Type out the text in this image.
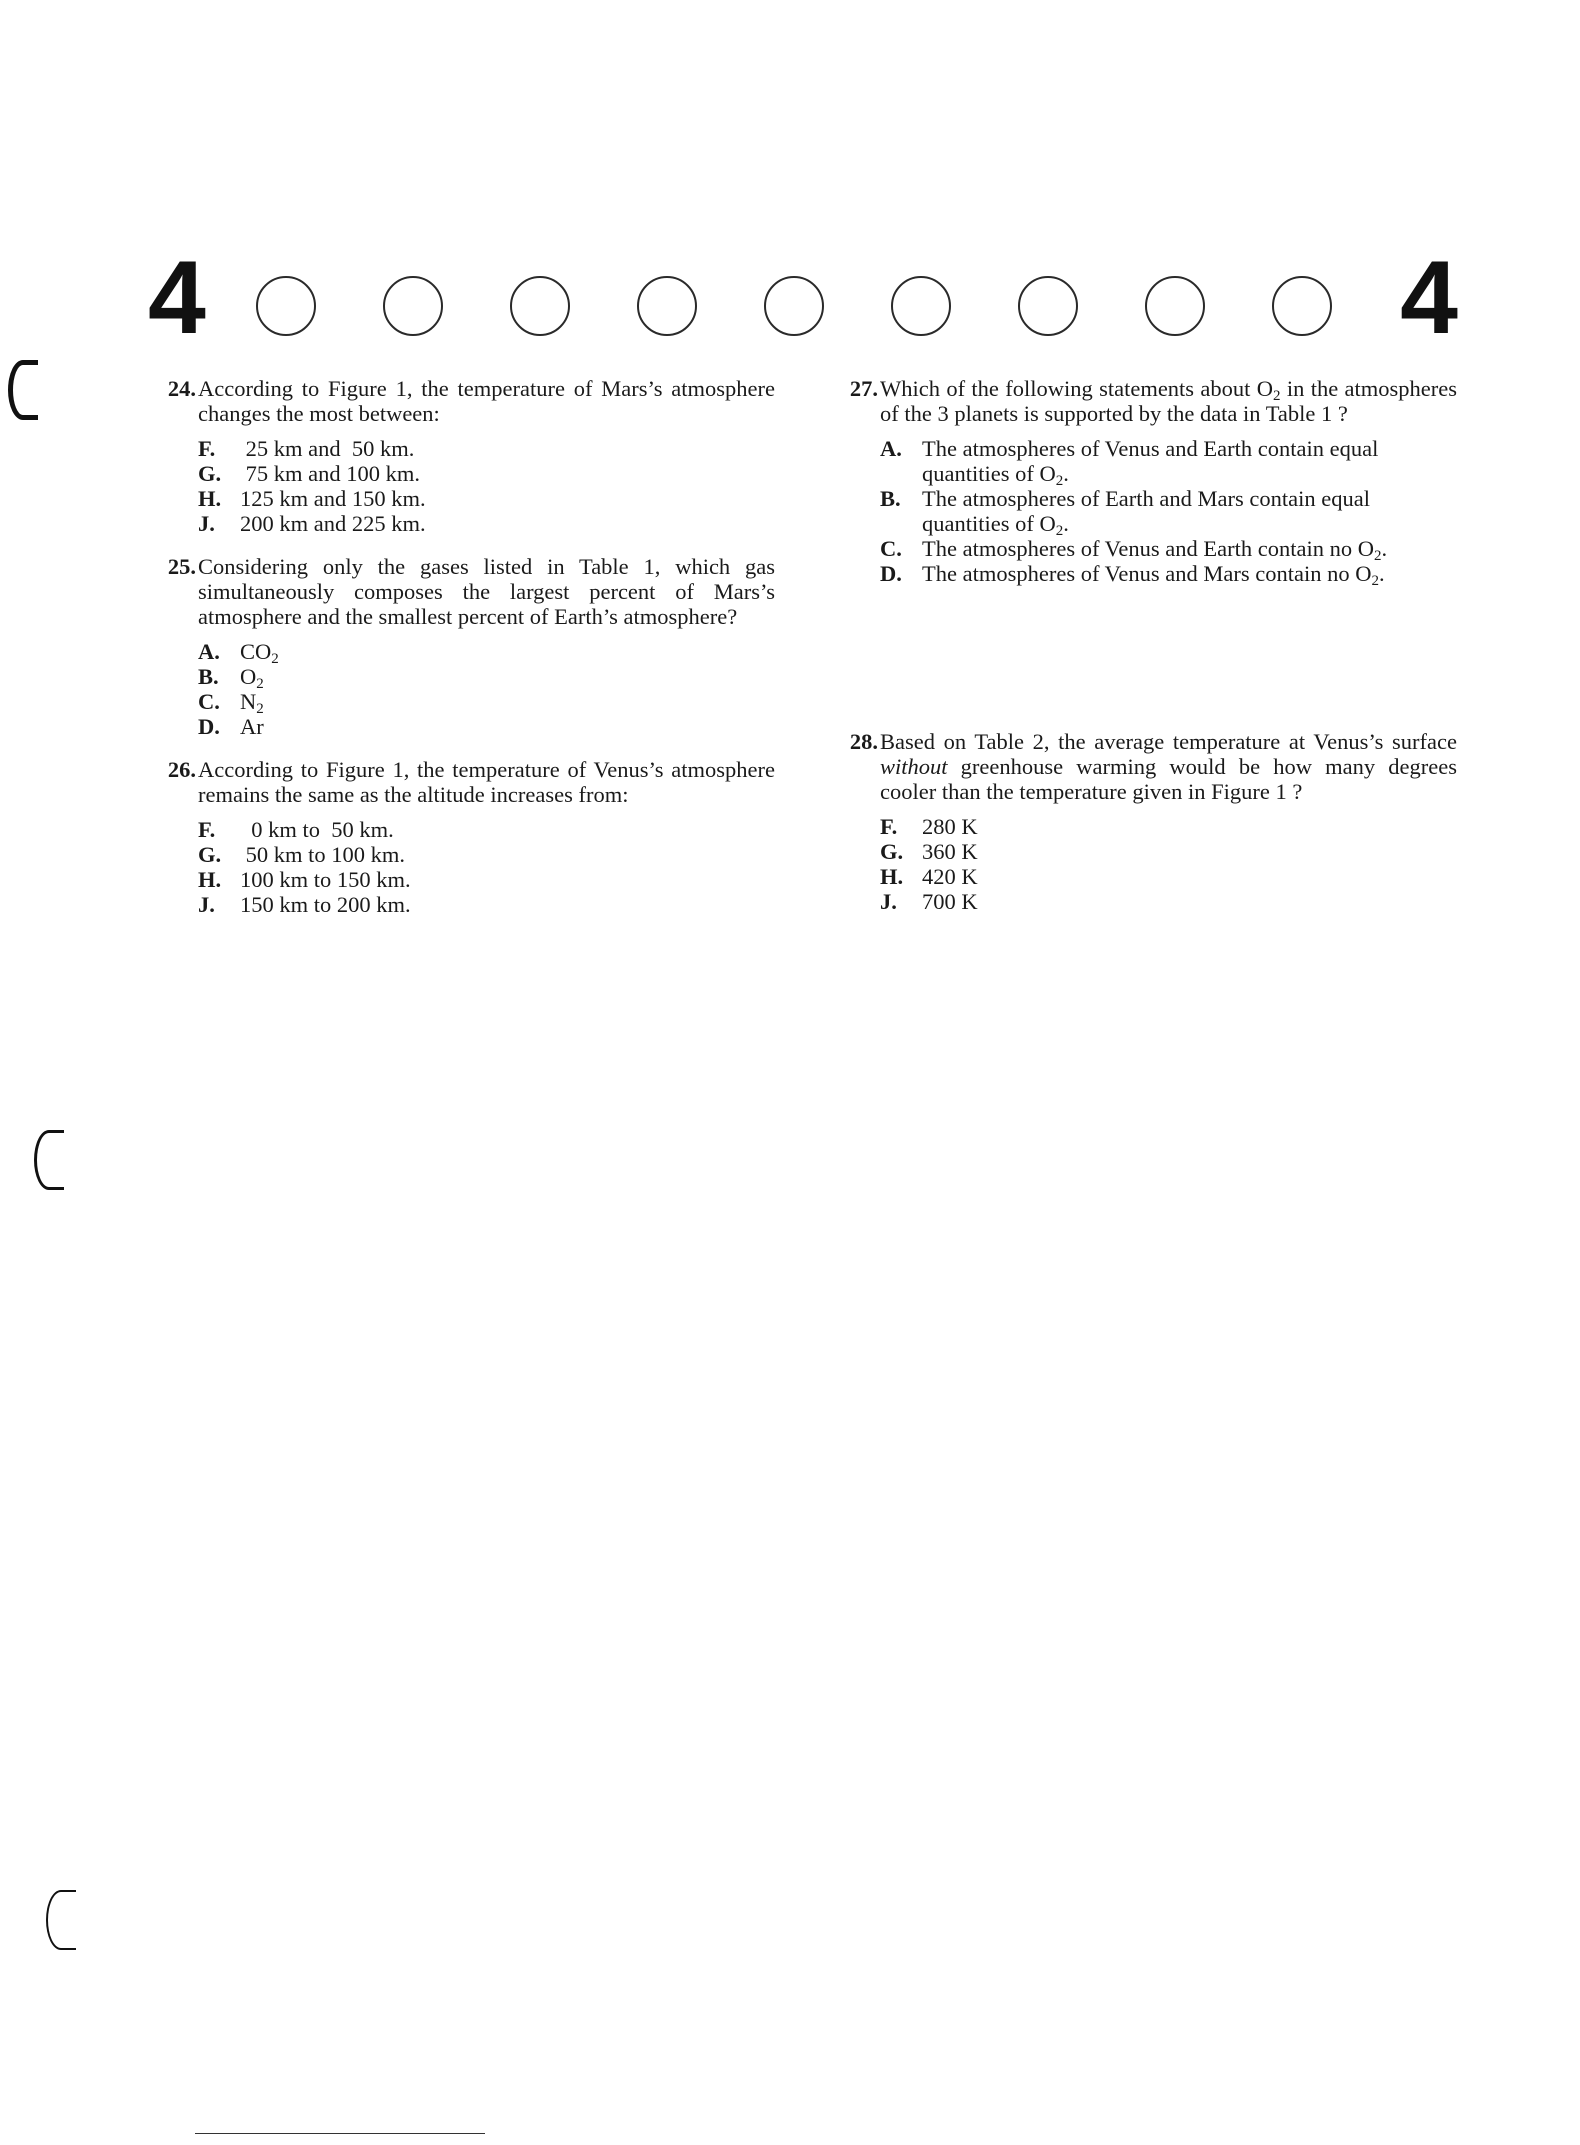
4	4
24. According to Figure 1, the temperature of Mars’s atmosphere changes the most between:
F.	25 km and  50 km.
G. 75 km and 100 km.
H. 125 km and 150 km.
J.	200 km and 225 km.
25. Considering only the gases listed in Table 1, which gas simultaneously composes the largest percent of Mars’s atmosphere and the smallest percent of Earth’s atmosphere?
A. $CO_2$
B. $O_2$
C. $N_2$
D. Ar
26. According to Figure 1, the temperature of Venus’s atmosphere remains the same as the altitude increases from:
F.	0 km to  50 km.
G. 50 km to 100 km.
H. 100 km to 150 km.
J.	150 km to 200 km.
27. Which of the following statements about $O_2$ in the atmospheres of the 3 planets is supported by the data in Table 1 ?
A. The atmospheres of Venus and Earth contain equal quantities of $O_2$.
B. The atmospheres of Earth and Mars contain equal quantities of $O_2$.
C. The atmospheres of Venus and Earth contain no $O_2$.
D. The atmospheres of Venus and Mars contain no $O_2$.
28. Based on Table 2, the average temperature at Venus’s surface without greenhouse warming would be how many degrees cooler than the temperature given in Figure 1 ?
F.	280 K
G. 360 K
H. 420 K
J.	700 K
